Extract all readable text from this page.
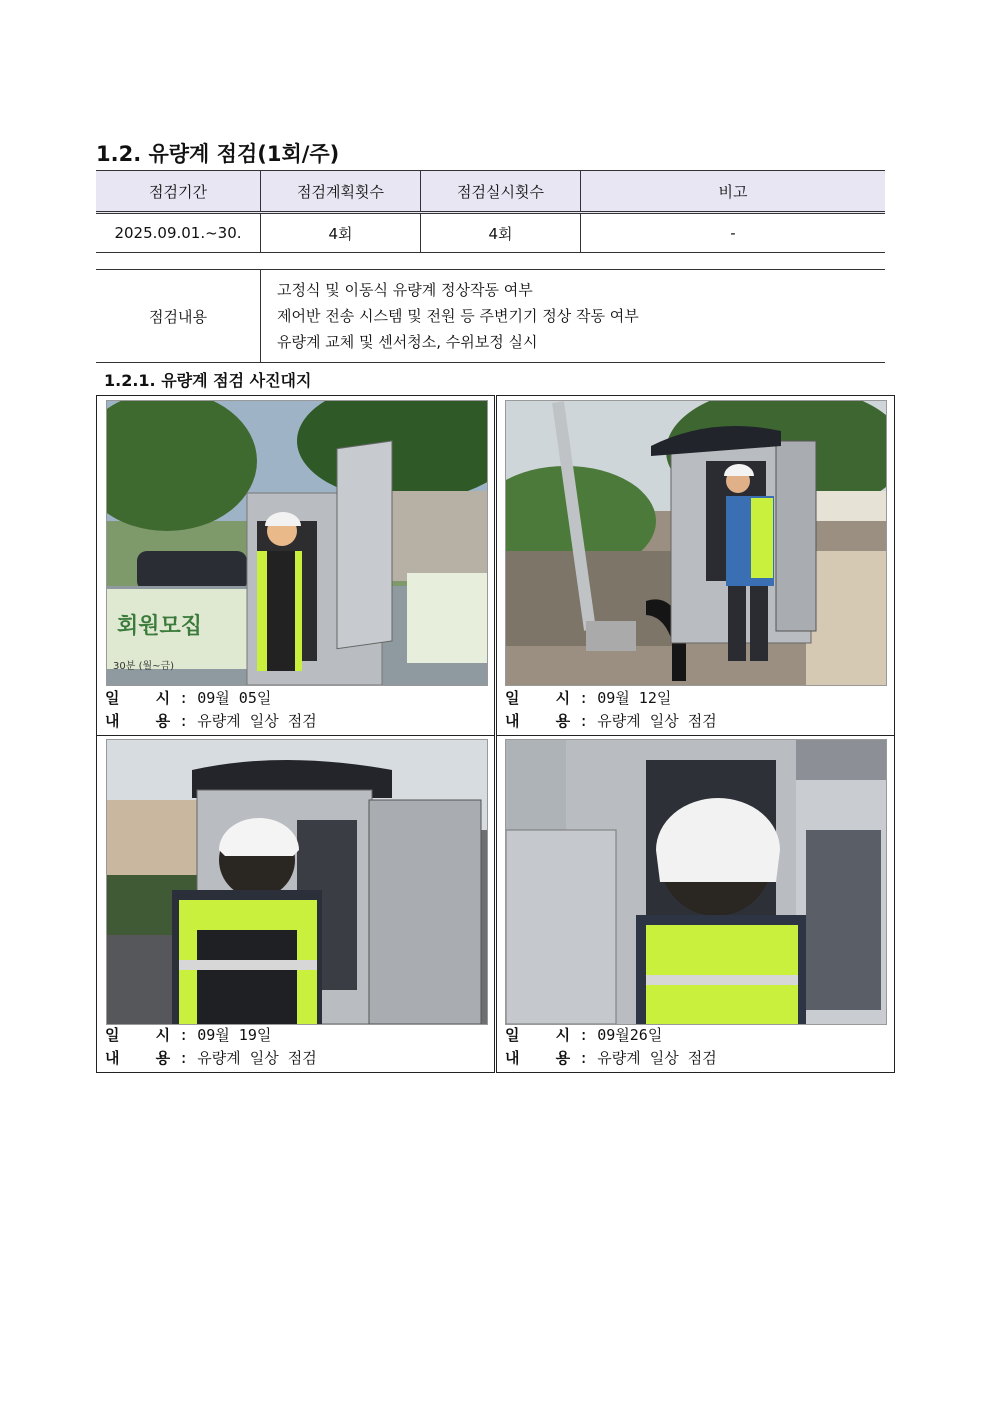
1.2. 유량계 점검(1회/주)
점검기간	점검계획횟수	점검실시횟수	비고
2025.09.01.~30.	4회	4회	-
점검내용	
고정식 및 이동식 유량계 정상작동 여부
제어반 전송 시스템 및 전원 등 주변기기 정상 작동 여부
유량계 교체 및 센서청소, 수위보정 실시
1.2.1. 유량계 점검 사진대지
회원모집
30분 (월~금)
일    시 : 09월 05일
내    용 : 유량계 일상 점검
일    시 : 09월 12일
내    용 : 유량계 일상 점검
일    시 : 09월 19일
내    용 : 유량계 일상 점검
일    시 : 09월26일
내    용 : 유량계 일상 점검
